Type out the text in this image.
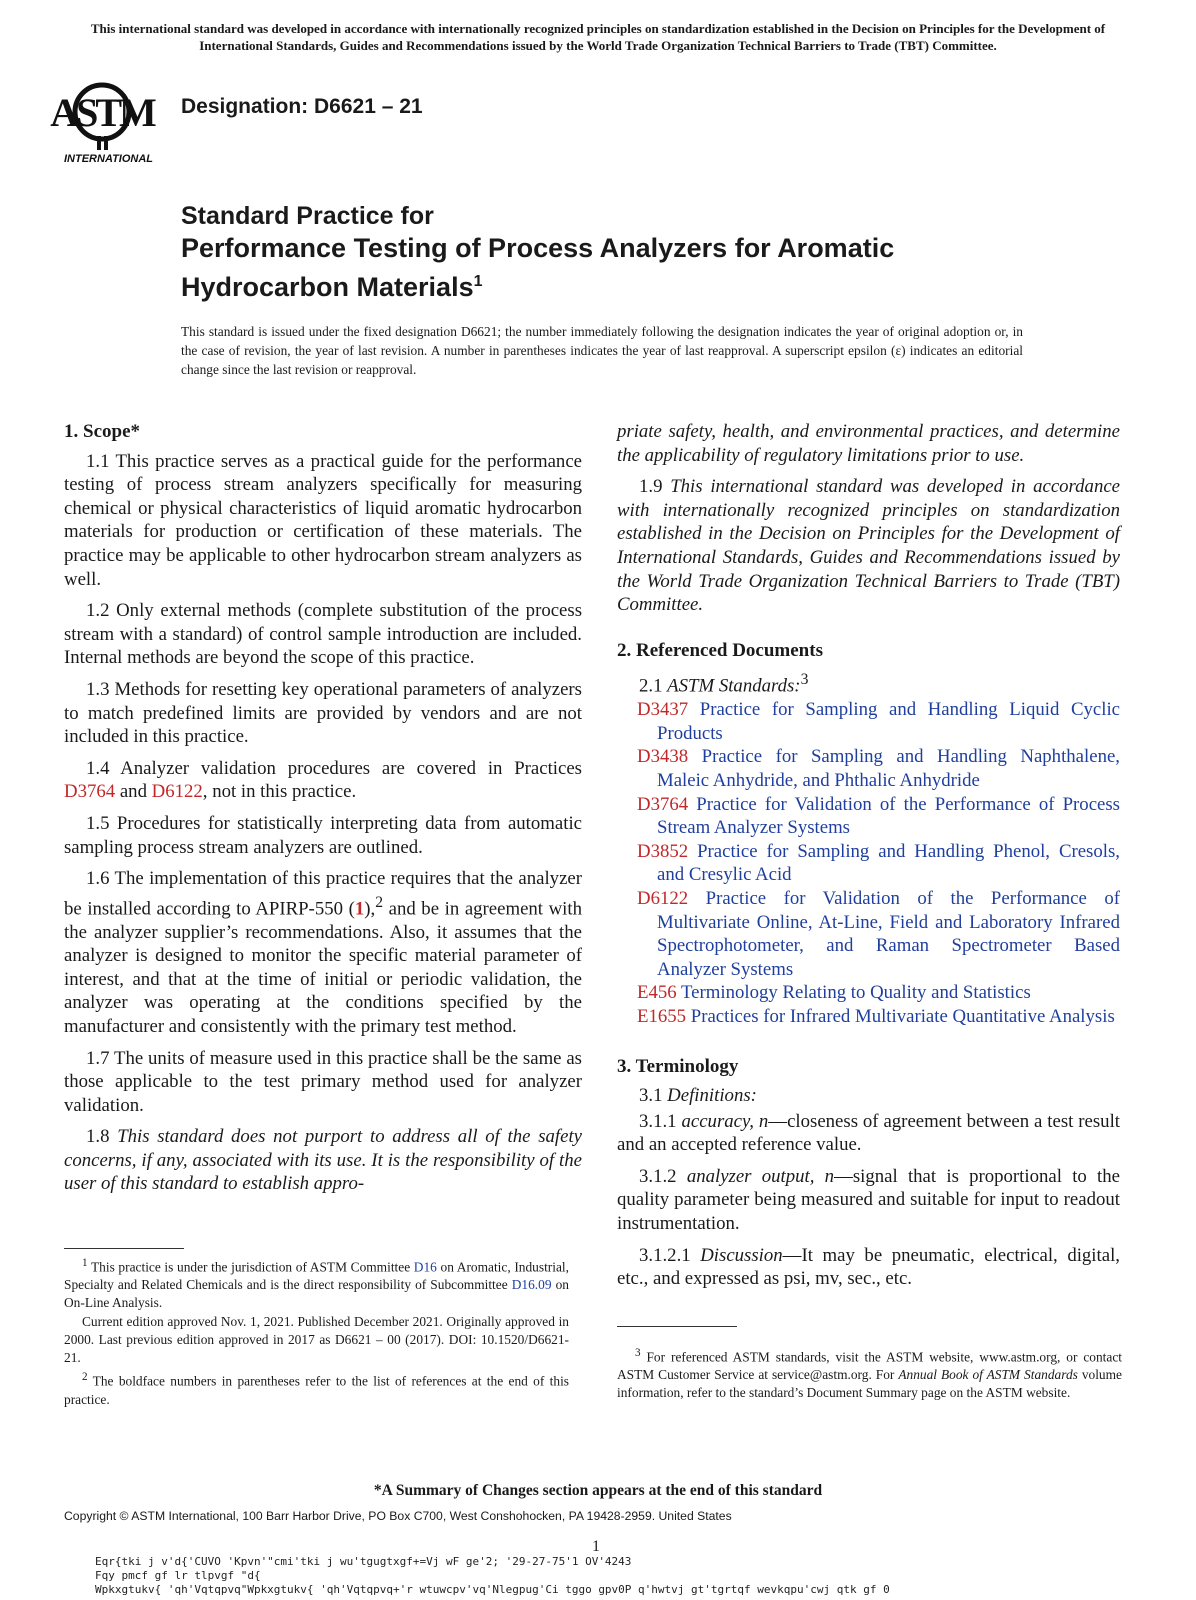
This international standard was developed in accordance with internationally recognized principles on standardization established in the Decision on Principles for the Development of International Standards, Guides and Recommendations issued by the World Trade Organization Technical Barriers to Trade (TBT) Committee.
ASTM
INTERNATIONAL
Designation: D6621 – 21
Standard Practice for
Performance Testing of Process Analyzers for Aromatic
Hydrocarbon Materials$^1$
This standard is issued under the fixed designation D6621; the number immediately following the designation indicates the year of original adoption or, in the case of revision, the year of last revision. A number in parentheses indicates the year of last reapproval. A superscript epsilon (ε) indicates an editorial change since the last revision or reapproval.
1. Scope*

1.1 This practice serves as a practical guide for the performance testing of process stream analyzers specifically for measuring chemical or physical characteristics of liquid aromatic hydrocarbon materials for production or certification of these materials. The practice may be applicable to other hydrocarbon stream analyzers as well.

1.2 Only external methods (complete substitution of the process stream with a standard) of control sample introduction are included. Internal methods are beyond the scope of this practice.

1.3 Methods for resetting key operational parameters of analyzers to match predefined limits are provided by vendors and are not included in this practice.

1.4 Analyzer validation procedures are covered in Practices D3764 and D6122, not in this practice.

1.5 Procedures for statistically interpreting data from automatic sampling process stream analyzers are outlined.

1.6 The implementation of this practice requires that the analyzer be installed according to APIRP-550 (1),$^2$ and be in agreement with the analyzer supplier’s recommendations. Also, it assumes that the analyzer is designed to monitor the specific material parameter of interest, and that at the time of initial or periodic validation, the analyzer was operating at the conditions specified by the manufacturer and consistently with the primary test method.

1.7 The units of measure used in this practice shall be the same as those applicable to the test primary method used for analyzer validation.

1.8 This standard does not purport to address all of the safety concerns, if any, associated with its use. It is the responsibility of the user of this standard to establish appro-

$^1$ This practice is under the jurisdiction of ASTM Committee D16 on Aromatic, Industrial, Specialty and Related Chemicals and is the direct responsibility of Subcommittee D16.09 on On-Line Analysis.

Current edition approved Nov. 1, 2021. Published December 2021. Originally approved in 2000. Last previous edition approved in 2017 as D6621 – 00 (2017). DOI: 10.1520/D6621-21.

$^2$ The boldface numbers in parentheses refer to the list of references at the end of this practice.

priate safety, health, and environmental practices, and determine the applicability of regulatory limitations prior to use.

1.9 This international standard was developed in accordance with internationally recognized principles on standardization established in the Decision on Principles for the Development of International Standards, Guides and Recommendations issued by the World Trade Organization Technical Barriers to Trade (TBT) Committee.

2. Referenced Documents

2.1 ASTM Standards:$^3$

D3437 Practice for Sampling and Handling Liquid Cyclic Products
D3438 Practice for Sampling and Handling Naphthalene, Maleic Anhydride, and Phthalic Anhydride
D3764 Practice for Validation of the Performance of Process Stream Analyzer Systems
D3852 Practice for Sampling and Handling Phenol, Cresols, and Cresylic Acid
D6122 Practice for Validation of the Performance of Multivariate Online, At-Line, Field and Laboratory Infrared Spectrophotometer, and Raman Spectrometer Based Analyzer Systems
E456 Terminology Relating to Quality and Statistics
E1655 Practices for Infrared Multivariate Quantitative Analysis
3. Terminology

3.1 Definitions:

3.1.1 accuracy, n—closeness of agreement between a test result and an accepted reference value.

3.1.2 analyzer output, n—signal that is proportional to the quality parameter being measured and suitable for input to readout instrumentation.

3.1.2.1 Discussion—It may be pneumatic, electrical, digital, etc., and expressed as psi, mv, sec., etc.

$^3$ For referenced ASTM standards, visit the ASTM website, www.astm.org, or contact ASTM Customer Service at service@astm.org. For Annual Book of ASTM Standards volume information, refer to the standard’s Document Summary page on the ASTM website.

*A Summary of Changes section appears at the end of this standard
Copyright © ASTM International, 100 Barr Harbor Drive, PO Box C700, West Conshohocken, PA 19428-2959. United States
1
Eqr{tki j v'd{'CUVO 'Kpvn'"cmi'tki j wu'tgugtxgf+=Vj wF ge'2; '29-27-75'1 OV'4243
Fqy pmcf gf lr tlpvgf "d{
Wpkxgtukv{ 'qh'Vqtqpvq"Wpkxgtukv{ 'qh'Vqtqpvq+'r wtuwcpv'vq'Nlegpug'Ci tggo gpv0P q'hwtvj gt'tgrtqf wevkqpu'cwj qtk gf 0
